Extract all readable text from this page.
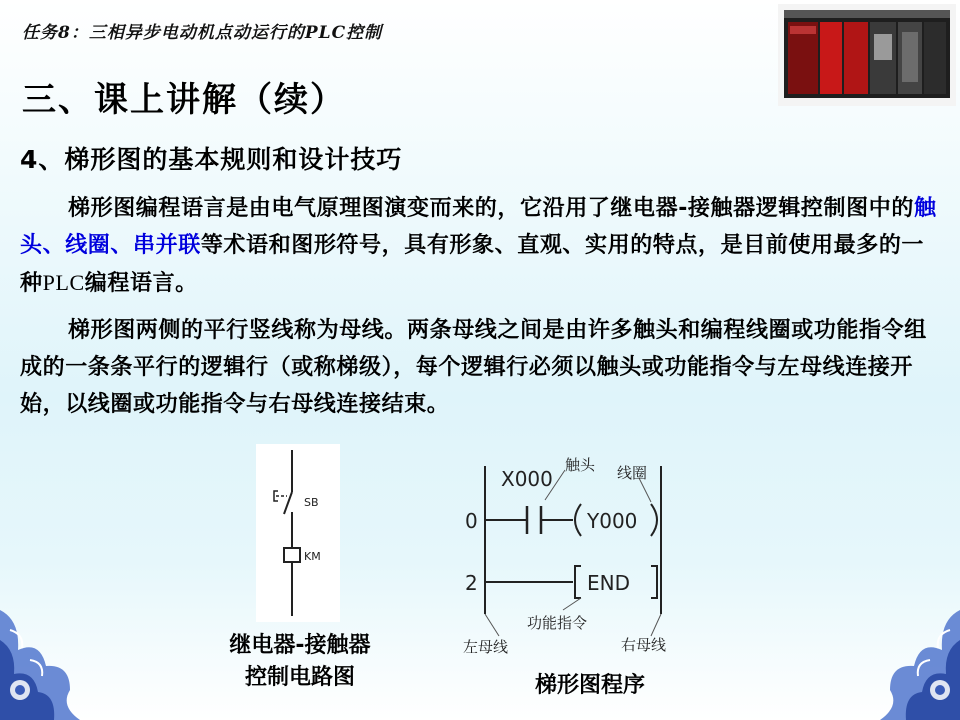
任务8：三相异步电动机点动运行的PLC控制
三、课上讲解（续）
4、梯形图的基本规则和设计技巧

梯形图编程语言是由电气原理图演变而来的，它沿用了继电器-接触器逻辑控制图中的触头、线圈、串并联等术语和图形符号，具有形象、直观、实用的特点，是目前使用最多的一种PLC编程语言。

梯形图两侧的平行竖线称为母线。两条母线之间是由许多触头和编程线圈或功能指令组成的一条条平行的逻辑行（或称梯级），每个逻辑行必须以触头或功能指令与左母线连接开始，以线圈或功能指令与右母线连接结束。

SB
KM
继电器-接触器
控制电路图
X000
触头 线圈
Y000
0
2	END
功能指令
左母线	右母线
梯形图程序
